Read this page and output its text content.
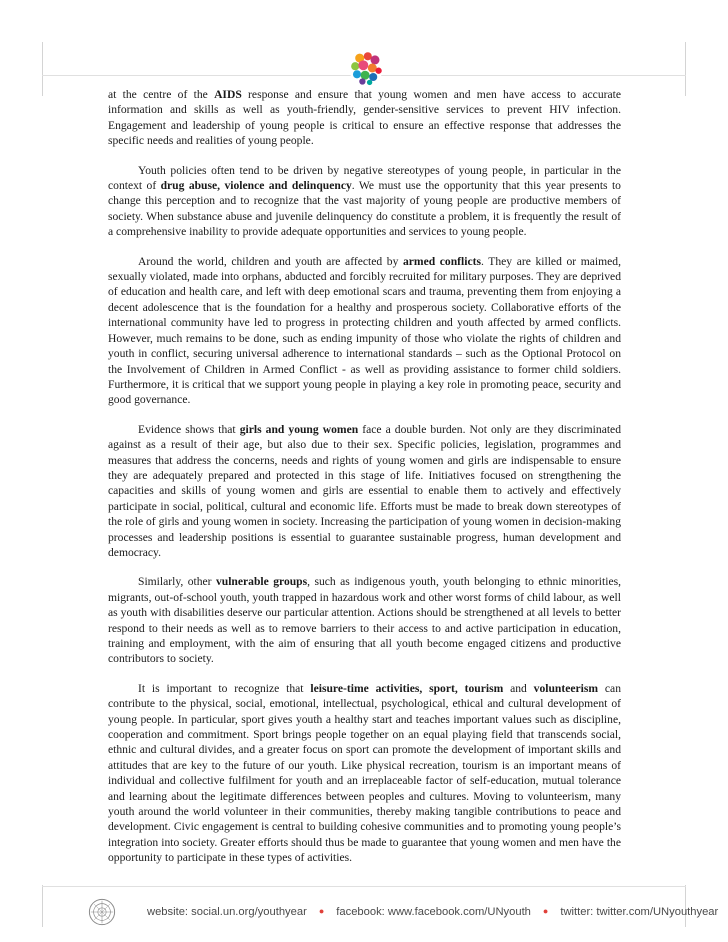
at the centre of the AIDS response and ensure that young women and men have access to accurate information and skills as well as youth-friendly, gender-sensitive services to prevent HIV infection. Engagement and leadership of young people is critical to ensure an effective response that addresses the specific needs and realities of young people.

Youth policies often tend to be driven by negative stereotypes of young people, in particular in the context of drug abuse, violence and delinquency. We must use the opportunity that this year presents to change this perception and to recognize that the vast majority of young people are productive members of society. When substance abuse and juvenile delinquency do constitute a problem, it is frequently the result of a comprehensive inability to provide adequate opportunities and services to young people.

Around the world, children and youth are affected by armed conflicts. They are killed or maimed, sexually violated, made into orphans, abducted and forcibly recruited for military purposes. They are deprived of education and health care, and left with deep emotional scars and trauma, preventing them from enjoying a decent adolescence that is the foundation for a healthy and prosperous society. Collaborative efforts of the international community have led to progress in protecting children and youth affected by armed conflicts. However, much remains to be done, such as ending impunity of those who violate the rights of children and youth in conflict, securing universal adherence to international standards – such as the Optional Protocol on the Involvement of Children in Armed Conflict - as well as providing assistance to former child soldiers. Furthermore, it is critical that we support young people in playing a key role in promoting peace, security and good governance.

Evidence shows that girls and young women face a double burden. Not only are they discriminated against as a result of their age, but also due to their sex. Specific policies, legislation, programmes and measures that address the concerns, needs and rights of young women and girls are indispensable to ensure they are adequately prepared and protected in this stage of life. Initiatives focused on strengthening the capacities and skills of young women and girls are essential to enable them to actively and effectively participate in social, political, cultural and economic life. Efforts must be made to break down stereotypes of the role of girls and young women in society. Increasing the participation of young women in decision-making processes and leadership positions is essential to guarantee sustainable progress, human development and democracy.

Similarly, other vulnerable groups, such as indigenous youth, youth belonging to ethnic minorities, migrants, out-of-school youth, youth trapped in hazardous work and other worst forms of child labour, as well as youth with disabilities deserve our particular attention. Actions should be strengthened at all levels to better respond to their needs as well as to remove barriers to their access to and active participation in education, training and employment, with the aim of ensuring that all youth become engaged citizens and productive contributors to society.

It is important to recognize that leisure-time activities, sport, tourism and volunteerism can contribute to the physical, social, emotional, intellectual, psychological, ethical and cultural development of young people. In particular, sport gives youth a healthy start and teaches important values such as discipline, cooperation and commitment. Sport brings people together on an equal playing field that transcends social, ethnic and cultural divides, and a greater focus on sport can promote the development of important skills and attitudes that are key to the future of our youth. Like physical recreation, tourism is an important means of individual and collective fulfilment for youth and an irreplaceable factor of self-education, mutual tolerance and learning about the legitimate differences between peoples and cultures. Moving to volunteerism, many youth around the world volunteer in their communities, thereby making tangible contributions to peace and development. Civic engagement is central to building cohesive communities and to promoting young people’s integration into society. Greater efforts should thus be made to guarantee that young women and men have the opportunity to participate in these types of activities.

website: social.un.org/youthyear ● facebook: www.facebook.com/UNyouth ● twitter: twitter.com/UNyouthyear
